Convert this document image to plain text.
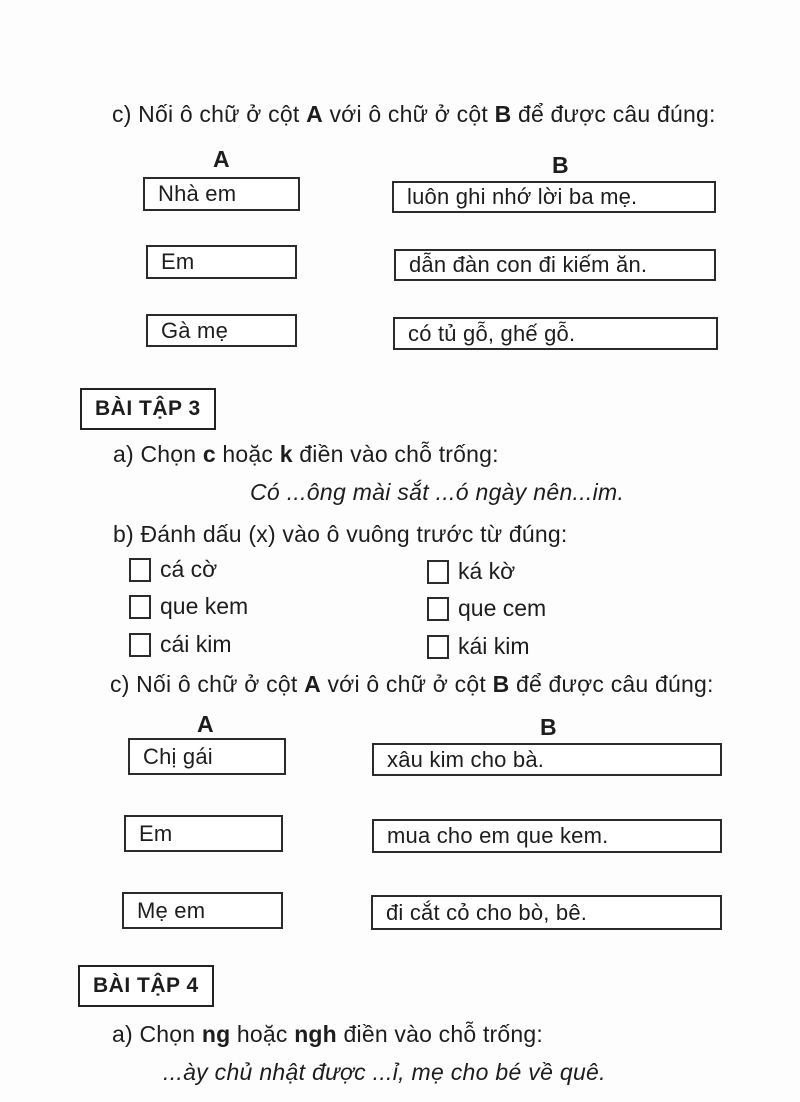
c) Nối ô chữ ở cột A với ô chữ ở cột B để được câu đúng:
A	B
Nhà em	luôn ghi nhớ lời ba mẹ.
Em	dẫn đàn con đi kiếm ăn.
Gà mẹ	có tủ gỗ, ghế gỗ.
BÀI TẬP 3
a) Chọn c hoặc k điền vào chỗ trống:
Có ...ông mài sắt ...ó ngày nên...im.
b) Đánh dấu (x) vào ô vuông trước từ đúng:
cá cờ	ká kờ
que kem	que cem
cái kim	kái kim
c) Nối ô chữ ở cột A với ô chữ ở cột B để được câu đúng:
A	B
Chị gái	xâu kim cho bà.
Em	mua cho em que kem.
Mẹ em	đi cắt cỏ cho bò, bê.
BÀI TẬP 4
a) Chọn ng hoặc ngh điền vào chỗ trống:
...ày chủ nhật được ...ỉ, mẹ cho bé về quê.
